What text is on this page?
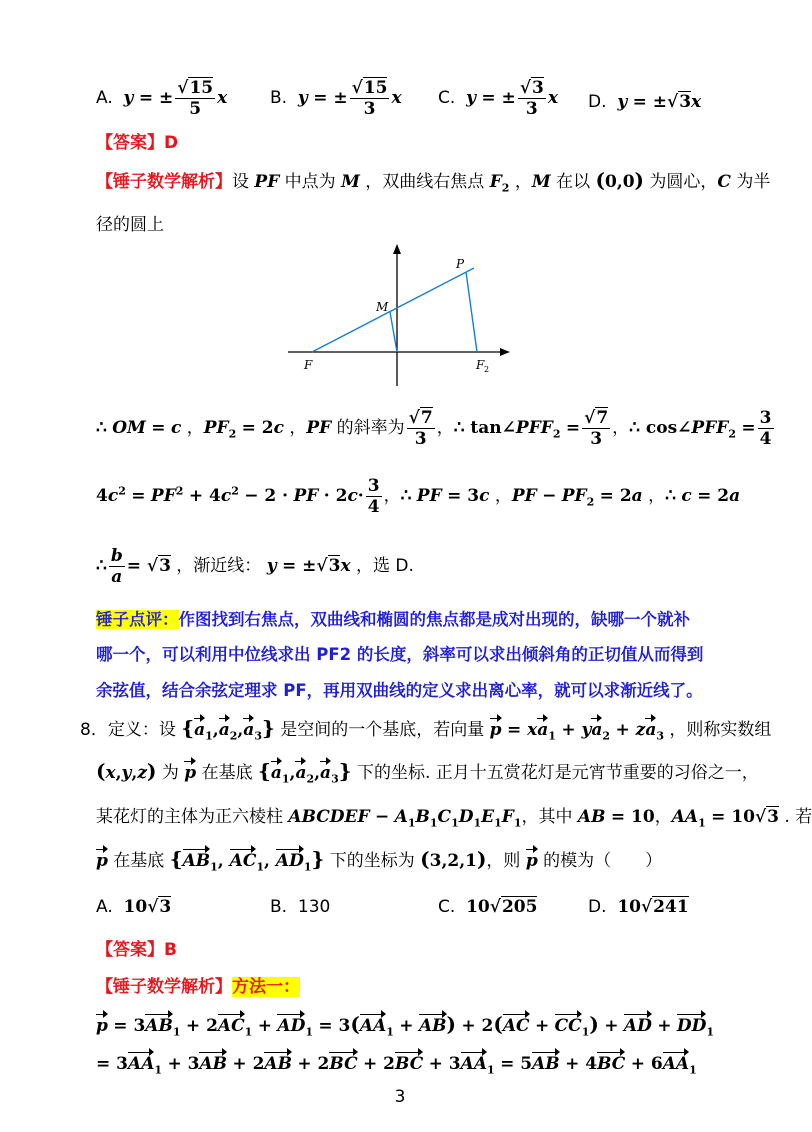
A. y = ± $\frac{√15}{5}$ x	B. y = ± $\frac{√15}{3}$ x C. y = ± $\frac{√3}{3}$ x D. y = ±√3x
【答案】D
【锤子数学解析】设 PF 中点为 M ，双曲线右焦点 $F_2$ ，M 在以 (0,0) 为圆心，C 为半
径的圆上
P
M
F	F 2
∴ OM = c ，$PF_2 = 2c$ ，PF 的斜率为 $\frac{√7}{3}$ ，∴ $\tan\angle PFF_2 = \frac{√7}{3}$ ，∴ $\cos\angle PFF_2 = \frac{3}{4}$
$4c^2 = PF^2 + 4c^2 - 2$ · PF · $2c\cdot \frac{3}{4}$ ，∴ PF = 3c ，PF − $PF_2 = 2a$ ，∴ c = 2a
∴ $\frac{b}{a} = √3$ ，渐近线： y = ±√3x ，选 D.
锤子点评：作图找到右焦点，双曲线和椭圆的焦点都是成对出现的，缺哪一个就补
哪一个，可以利用中位线求出 PF2 的长度，斜率可以求出倾斜角的正切值从而得到
余弦值，结合余弦定理求 PF，再用双曲线的定义求出离心率，就可以求渐近线了。
8．定义：设 $\{a_1,a_2,a_3\}$ 是空间的一个基底，若向量 $p = xa_1 + ya_2 + za_3$ ，则称实数组
(x,y,z) 为 p 在基底 $\{a_1,a_2,a_3\}$ 下的坐标. 正月十五赏花灯是元宵节重要的习俗之一，
某花灯的主体为正六棱柱 ABCDEF − $A_1B_1C_1D_1E_1F_1$，其中 AB = 10，$AA_1 = 10√3$ . 若
p 在基底 {$AB_1$, $AC_1$, $AD_1$} 下的坐标为 (3,2,1)，则 p 的模为（　　）
A. 10√3	B. 130	C. 10√205	D. 10√241
【答案】B
【锤子数学解析】方法一：
$p = 3AB_1 + 2AC_1 + AD_1 = 3(AA_1 + AB) + 2(AC + CC_1)$ + AD + $DD_1$
= $3AA_1 + 3AB + 2AB + 2BC + 2BC + 3AA_1 = 5AB + 4BC + 6AA_1$
3
